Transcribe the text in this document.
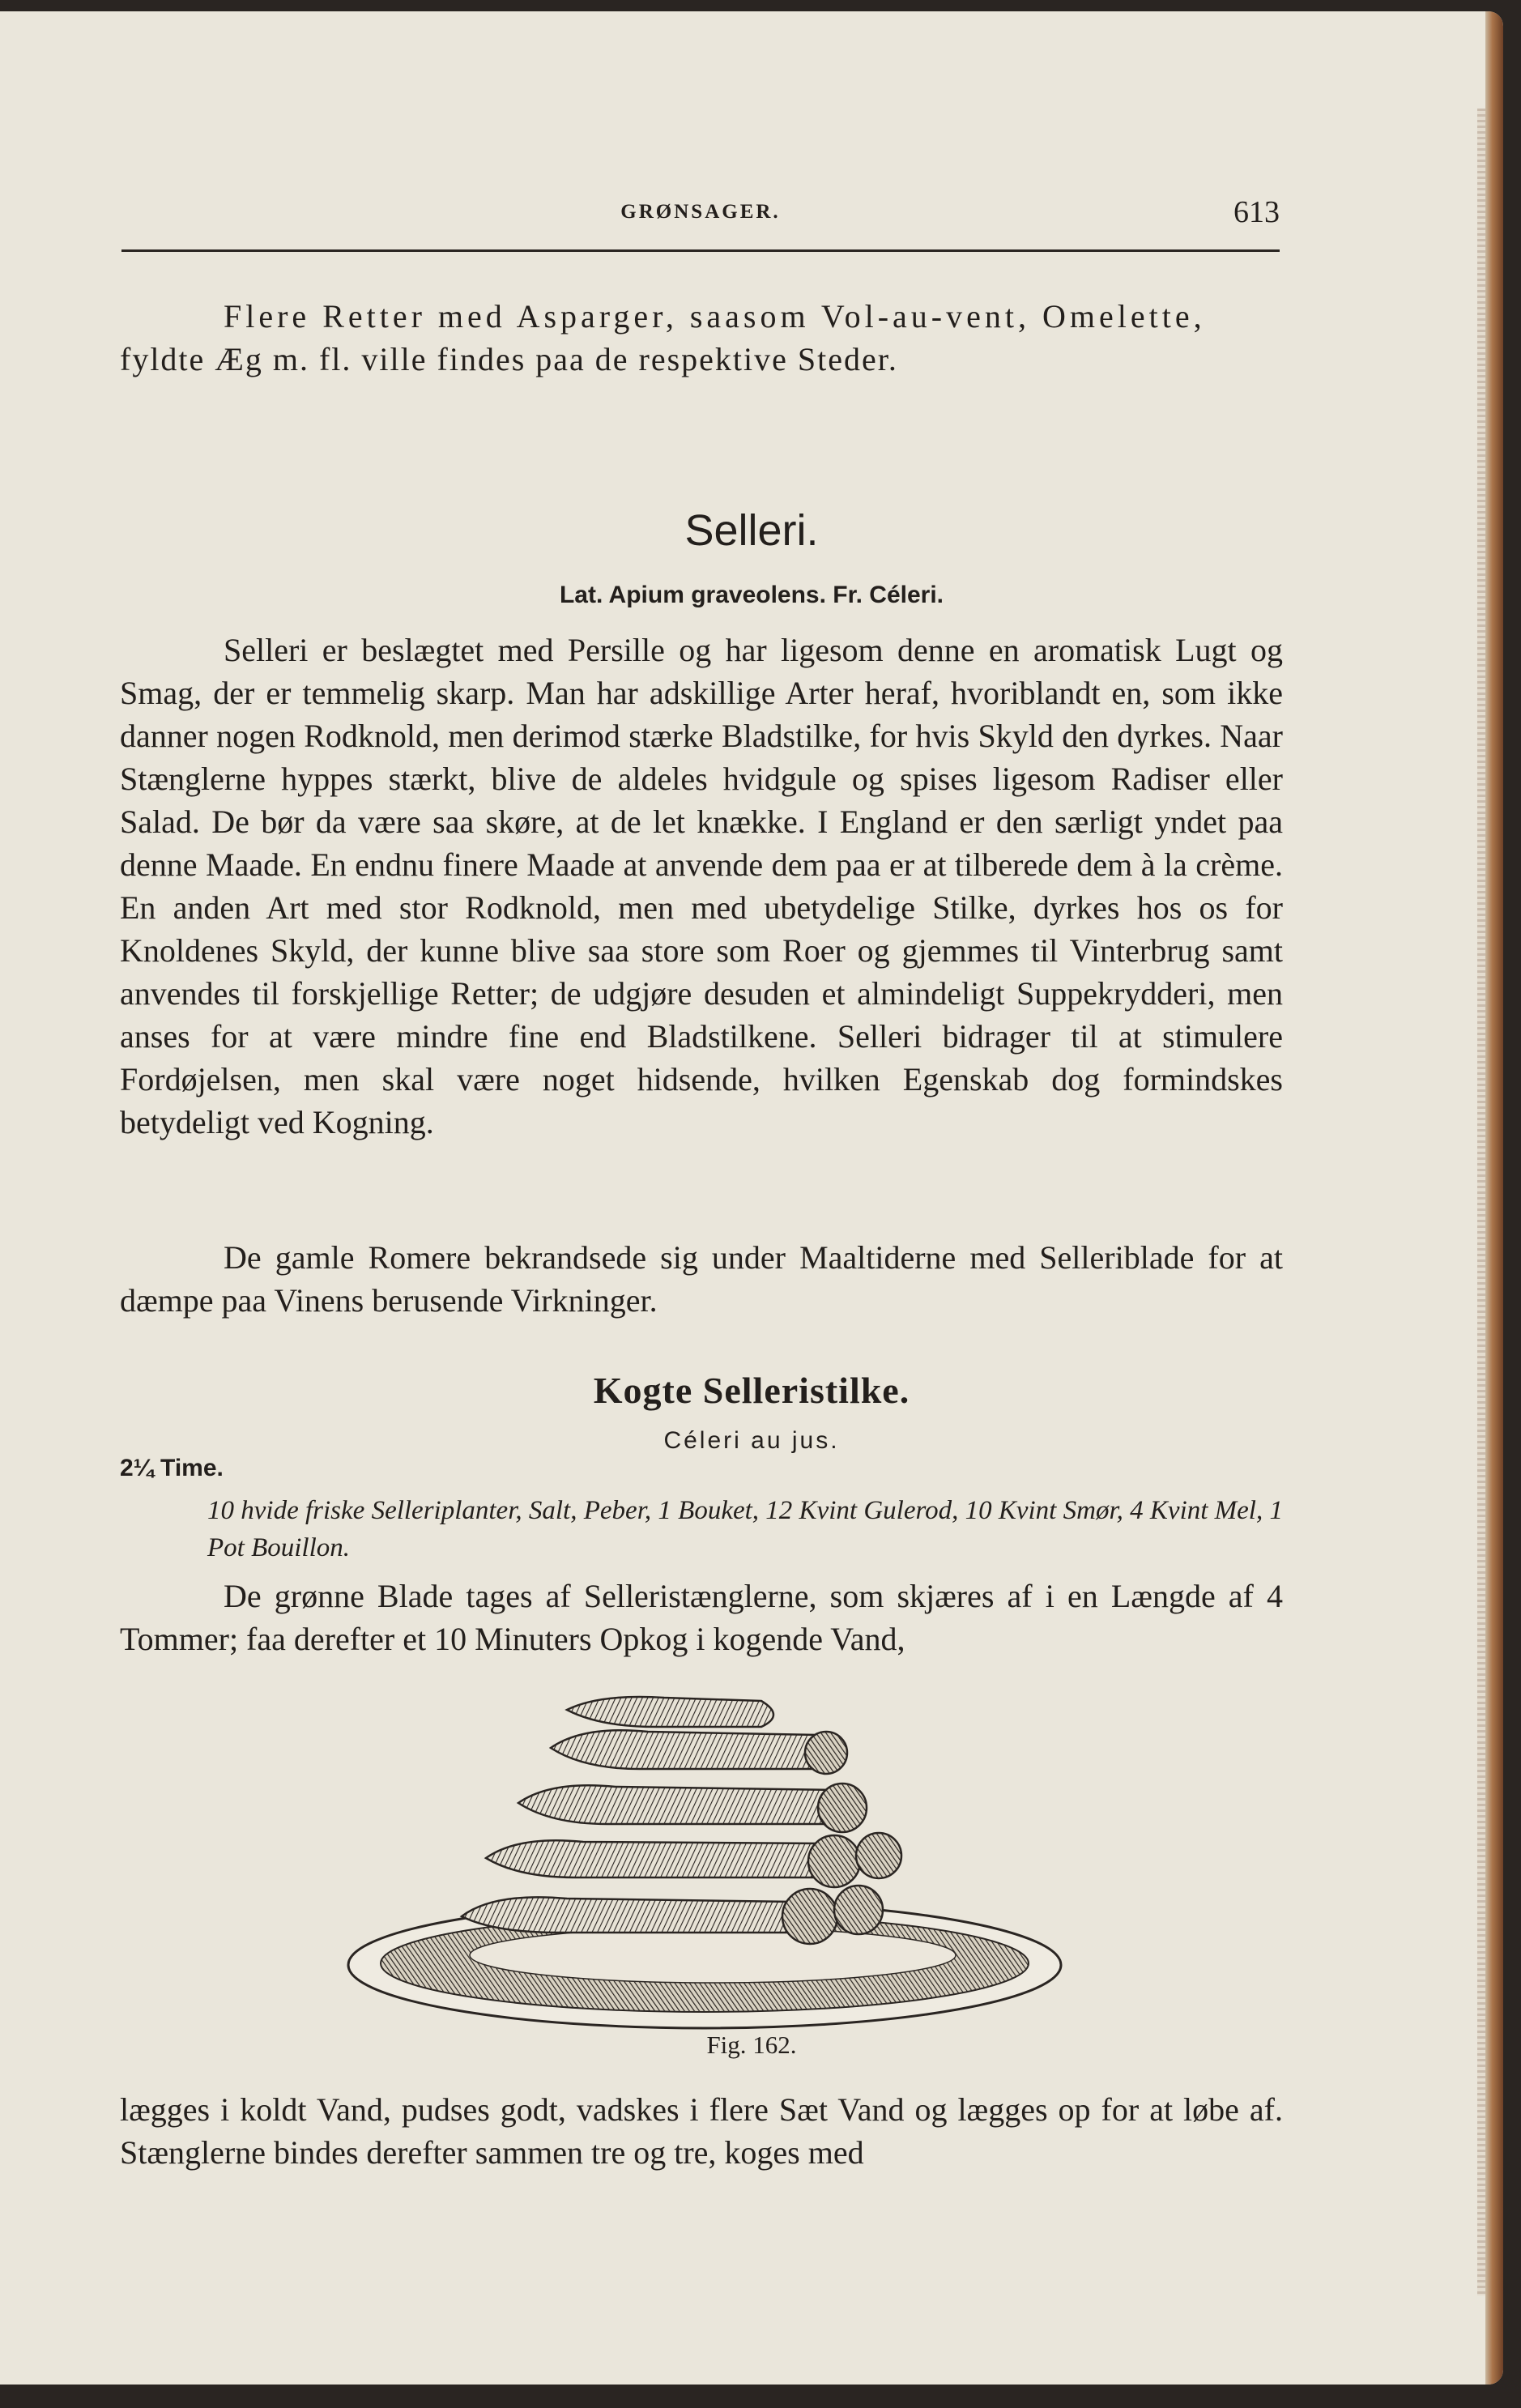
GRØNSAGER.	613
Flere Retter med Asparger, saasom Vol-au-vent, Omelette,
fyldte Æg m. fl. ville findes paa de respektive Steder.
Selleri.
Lat. Apium graveolens. Fr. Céleri.
Selleri er beslægtet med Persille og har ligesom denne en aromatisk Lugt og Smag, der er temmelig skarp. Man har adskillige Arter heraf, hvoriblandt en, som ikke danner nogen Rodknold, men derimod stærke Bladstilke, for hvis Skyld den dyrkes. Naar Stænglerne hyppes stærkt, blive de aldeles hvidgule og spises ligesom Radiser eller Salad. De bør da være saa skøre, at de let knække. I England er den særligt yndet paa denne Maade. En endnu finere Maade at anvende dem paa er at tilberede dem à la crème. En anden Art med stor Rodknold, men med ubetydelige Stilke, dyrkes hos os for Knoldenes Skyld, der kunne blive saa store som Roer og gjemmes til Vinterbrug samt anvendes til forskjellige Retter; de udgjøre desuden et almindeligt Suppekrydderi, men anses for at være mindre fine end Bladstilkene. Selleri bidrager til at stimulere Fordøjelsen, men skal være noget hidsende, hvilken Egenskab dog formindskes betydeligt ved Kogning.
De gamle Romere bekrandsede sig under Maaltiderne med Selleriblade for at dæmpe paa Vinens berusende Virkninger.
Kogte Selleristilke.
Céleri au jus.
2¼ Time.
10 hvide friske Selleriplanter, Salt, Peber, 1 Bouket, 12 Kvint Gulerod, 10 Kvint Smør, 4 Kvint Mel, 1 Pot Bouillon.
De grønne Blade tages af Selleristænglerne, som skjæres af i en Længde af 4 Tommer; faa derefter et 10 Minuters Opkog i kogende Vand,
Fig. 162.
lægges i koldt Vand, pudses godt, vadskes i flere Sæt Vand og lægges op for at løbe af. Stænglerne bindes derefter sammen tre og tre, koges med
